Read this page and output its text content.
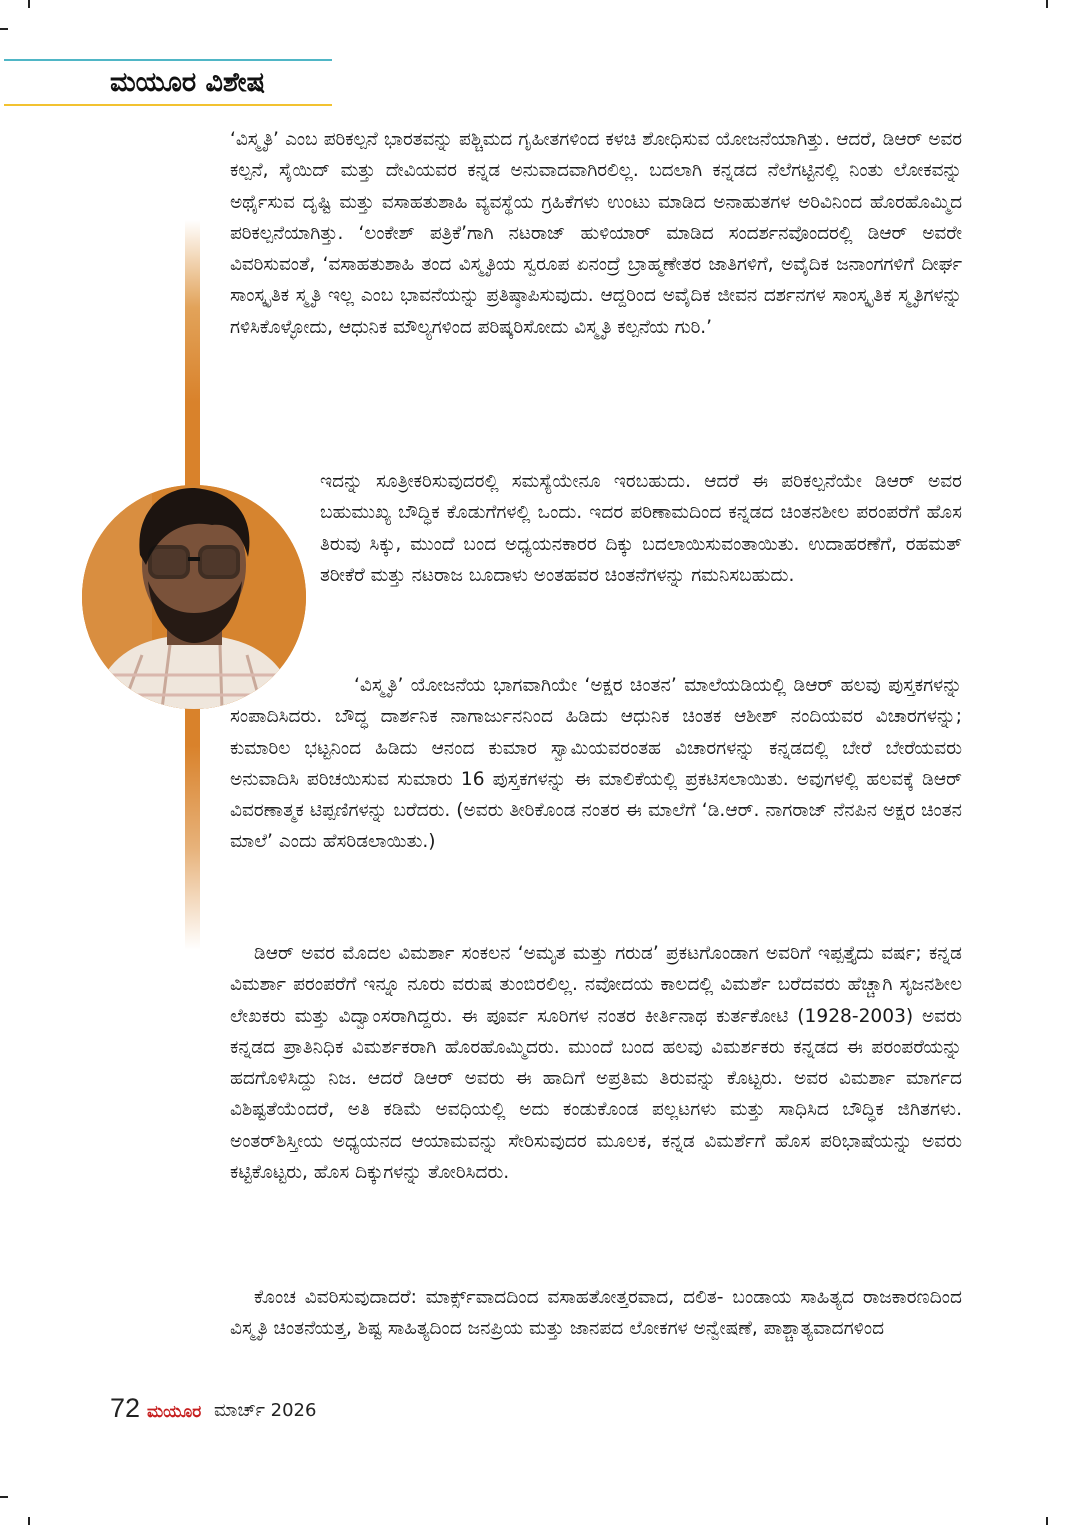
ಮಯೂರ ವಿಶೇಷ

‘ವಿಸ್ಮೃತಿ’ ಎಂಬ ಪರಿಕಲ್ಪನೆ ಭಾರತವನ್ನು ಪಶ್ಚಿಮದ ಗೃಹೀತಗಳಿಂದ ಕಳಚಿ ಶೋಧಿಸುವ ಯೋಜನೆಯಾಗಿತ್ತು. ಆದರೆ, ಡಿಆರ್ ಅವರ ಕಲ್ಪನೆ, ಸೈಯಿದ್ ಮತ್ತು ದೇವಿಯವರ ಕನ್ನಡ ಅನುವಾದವಾಗಿರಲಿಲ್ಲ. ಬದಲಾಗಿ ಕನ್ನಡದ ನೆಲೆಗಟ್ಟಿನಲ್ಲಿ ನಿಂತು ಲೋಕವನ್ನು ಅರ್ಥೈಸುವ ದೃಷ್ಟಿ ಮತ್ತು ವಸಾಹತುಶಾಹಿ ವ್ಯವಸ್ಥೆಯ ಗ್ರಹಿಕೆಗಳು ಉಂಟು ಮಾಡಿದ ಅನಾಹುತಗಳ ಅರಿವಿನಿಂದ ಹೊರಹೊಮ್ಮಿದ ಪರಿಕಲ್ಪನೆಯಾಗಿತ್ತು. ‘ಲಂಕೇಶ್ ಪತ್ರಿಕೆ’ಗಾಗಿ ನಟರಾಜ್ ಹುಳಿಯಾರ್ ಮಾಡಿದ ಸಂದರ್ಶನವೊಂದರಲ್ಲಿ ಡಿಆರ್ ಅವರೇ ವಿವರಿಸುವಂತೆ, ‘ವಸಾಹತುಶಾಹಿ ತಂದ ವಿಸ್ಮೃತಿಯ ಸ್ವರೂಪ ಏನಂದ್ರೆ ಬ್ರಾಹ್ಮಣೇತರ ಜಾತಿಗಳಿಗೆ, ಅವೈದಿಕ ಜನಾಂಗಗಳಿಗೆ ದೀರ್ಘ ಸಾಂಸ್ಕೃತಿಕ ಸ್ಮೃತಿ ಇಲ್ಲ ಎಂಬ ಭಾವನೆಯನ್ನು ಪ್ರತಿಷ್ಠಾಪಿಸುವುದು. ಆದ್ದರಿಂದ ಅವೈದಿಕ ಜೀವನ ದರ್ಶನಗಳ ಸಾಂಸ್ಕೃತಿಕ ಸ್ಮೃತಿಗಳನ್ನು ಗಳಿಸಿಕೊಳ್ಳೋದು, ಆಧುನಿಕ ಮೌಲ್ಯಗಳಿಂದ ಪರಿಷ್ಕರಿಸೋದು ವಿಸ್ಮೃತಿ ಕಲ್ಪನೆಯ ಗುರಿ.’

ಇದನ್ನು ಸೂತ್ರೀಕರಿಸುವುದರಲ್ಲಿ ಸಮಸ್ಯೆಯೇನೂ ಇರಬಹುದು. ಆದರೆ ಈ ಪರಿಕಲ್ಪನೆಯೇ ಡಿಆರ್ ಅವರ ಬಹುಮುಖ್ಯ ಬೌದ್ಧಿಕ ಕೊಡುಗೆಗಳಲ್ಲಿ ಒಂದು. ಇದರ ಪರಿಣಾಮದಿಂದ ಕನ್ನಡದ ಚಿಂತನಶೀಲ ಪರಂಪರೆಗೆ ಹೊಸ ತಿರುವು ಸಿಕ್ಕು, ಮುಂದೆ ಬಂದ ಅಧ್ಯಯನಕಾರರ ದಿಕ್ಕು ಬದಲಾಯಿಸುವಂತಾಯಿತು. ಉದಾಹರಣೆಗೆ, ರಹಮತ್ ತರೀಕೆರೆ ಮತ್ತು ನಟರಾಜ ಬೂದಾಳು ಅಂತಹವರ ಚಿಂತನೆಗಳನ್ನು ಗಮನಿಸಬಹುದು.

‘ವಿಸ್ಮೃತಿ’ ಯೋಜನೆಯ ಭಾಗವಾಗಿಯೇ ‘ಅಕ್ಷರ ಚಿಂತನ’ ಮಾಲೆಯಡಿಯಲ್ಲಿ ಡಿಆರ್ ಹಲವು ಪುಸ್ತಕಗಳನ್ನು ಸಂಪಾದಿಸಿದರು. ಬೌದ್ಧ ದಾರ್ಶನಿಕ ನಾಗಾರ್ಜುನನಿಂದ ಹಿಡಿದು ಆಧುನಿಕ ಚಿಂತಕ ಆಶೀಶ್ ನಂದಿಯವರ ವಿಚಾರಗಳನ್ನು; ಕುಮಾರಿಲ ಭಟ್ಟನಿಂದ ಹಿಡಿದು ಆನಂದ ಕುಮಾರ ಸ್ವಾಮಿಯವರಂತಹ ವಿಚಾರಗಳನ್ನು ಕನ್ನಡದಲ್ಲಿ ಬೇರೆ ಬೇರೆಯವರು ಅನುವಾದಿಸಿ ಪರಿಚಯಿಸುವ ಸುಮಾರು 16 ಪುಸ್ತಕಗಳನ್ನು ಈ ಮಾಲಿಕೆಯಲ್ಲಿ ಪ್ರಕಟಿಸಲಾಯಿತು. ಅವುಗಳಲ್ಲಿ ಹಲವಕ್ಕೆ ಡಿಆರ್ ವಿವರಣಾತ್ಮಕ ಟಿಪ್ಪಣಿಗಳನ್ನು ಬರೆದರು. (ಅವರು ತೀರಿಕೊಂಡ ನಂತರ ಈ ಮಾಲೆಗೆ ‘ಡಿ.ಆರ್. ನಾಗರಾಜ್ ನೆನಪಿನ ಅಕ್ಷರ ಚಿಂತನ ಮಾಲೆ’ ಎಂದು ಹೆಸರಿಡಲಾಯಿತು.)

ಡಿಆರ್ ಅವರ ಮೊದಲ ವಿಮರ್ಶಾ ಸಂಕಲನ ‘ಅಮೃತ ಮತ್ತು ಗರುಡ’ ಪ್ರಕಟಗೊಂಡಾಗ ಅವರಿಗೆ ಇಪ್ಪತ್ತೈದು ವರ್ಷ; ಕನ್ನಡ ವಿಮರ್ಶಾ ಪರಂಪರೆಗೆ ಇನ್ನೂ ನೂರು ವರುಷ ತುಂಬಿರಲಿಲ್ಲ. ನವೋದಯ ಕಾಲದಲ್ಲಿ ವಿಮರ್ಶೆ ಬರೆದವರು ಹೆಚ್ಚಾಗಿ ಸೃಜನಶೀಲ ಲೇಖಕರು ಮತ್ತು ವಿದ್ವಾಂಸರಾಗಿದ್ದರು. ಈ ಪೂರ್ವ ಸೂರಿಗಳ ನಂತರ ಕೀರ್ತಿನಾಥ ಕುರ್ತಕೋಟಿ (1928-2003) ಅವರು ಕನ್ನಡದ ಪ್ರಾತಿನಿಧಿಕ ವಿಮರ್ಶಕರಾಗಿ ಹೊರಹೊಮ್ಮಿದರು. ಮುಂದೆ ಬಂದ ಹಲವು ವಿಮರ್ಶಕರು ಕನ್ನಡದ ಈ ಪರಂಪರೆಯನ್ನು ಹದಗೊಳಿಸಿದ್ದು ನಿಜ. ಆದರೆ ಡಿಆರ್ ಅವರು ಈ ಹಾದಿಗೆ ಅಪ್ರತಿಮ ತಿರುವನ್ನು ಕೊಟ್ಟರು. ಅವರ ವಿಮರ್ಶಾ ಮಾರ್ಗದ ವಿಶಿಷ್ಟತೆಯೆಂದರೆ, ಅತಿ ಕಡಿಮೆ ಅವಧಿಯಲ್ಲಿ ಅದು ಕಂಡುಕೊಂಡ ಪಲ್ಲಟಗಳು ಮತ್ತು ಸಾಧಿಸಿದ ಬೌದ್ಧಿಕ ಜಿಗಿತಗಳು. ಅಂತರ್‌ಶಿಸ್ತೀಯ ಅಧ್ಯಯನದ ಆಯಾಮವನ್ನು ಸೇರಿಸುವುದರ ಮೂಲಕ, ಕನ್ನಡ ವಿಮರ್ಶೆಗೆ ಹೊಸ ಪರಿಭಾಷೆಯನ್ನು ಅವರು ಕಟ್ಟಿಕೊಟ್ಟರು, ಹೊಸ ದಿಕ್ಕುಗಳನ್ನು ತೋರಿಸಿದರು.

ಕೊಂಚ ವಿವರಿಸುವುದಾದರೆ: ಮಾರ್ಕ್ಸ್‌ವಾದದಿಂದ ವಸಾಹತೋತ್ತರವಾದ, ದಲಿತ- ಬಂಡಾಯ ಸಾಹಿತ್ಯದ ರಾಜಕಾರಣದಿಂದ ವಿಸ್ಮೃತಿ ಚಿಂತನೆಯತ್ತ, ಶಿಷ್ಟ ಸಾಹಿತ್ಯದಿಂದ ಜನಪ್ರಿಯ ಮತ್ತು ಜಾನಪದ ಲೋಕಗಳ ಅನ್ವೇಷಣೆ, ಪಾಶ್ಚಾತ್ಯವಾದಗಳಿಂದ

72 ಮಯೂರ ಮಾರ್ಚ್ 2026
